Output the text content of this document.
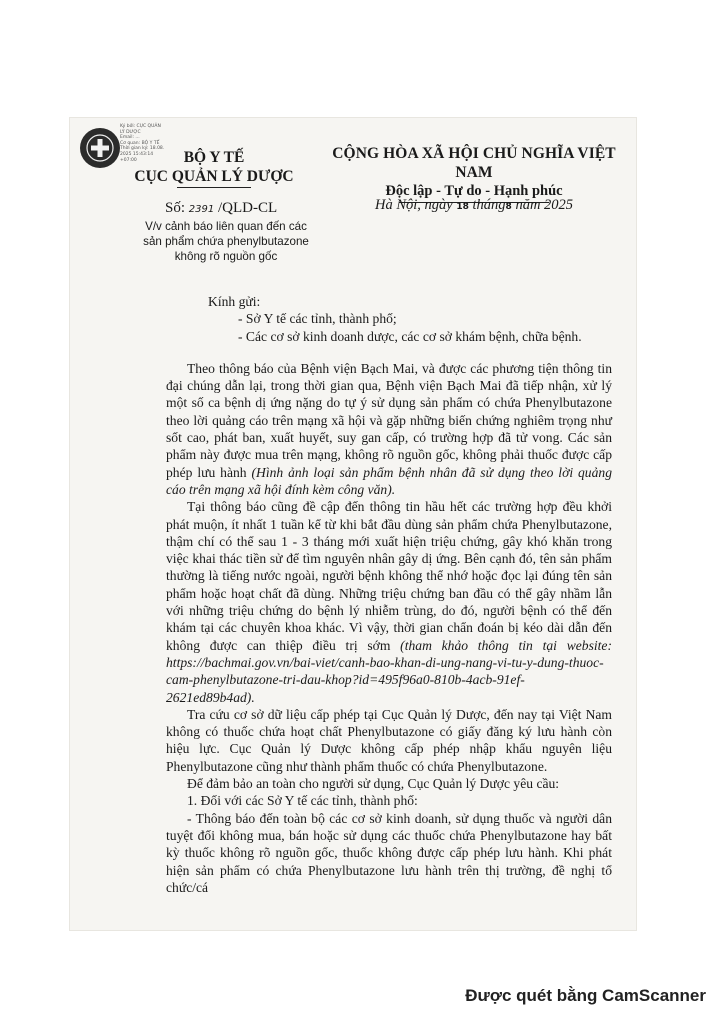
Ký bởi: CỤC QUẢN
LÝ DƯỢC
Email: ...
Cơ quan: BỘ Y TẾ
Thời gian ký: 18.08.
2025 15:43:14
+07:00	BỘ Y TẾ
CỤC QUẢN LÝ DƯỢC
CỘNG HÒA XÃ HỘI CHỦ NGHĨA VIỆT NAM
Độc lập - Tự do - Hạnh phúc
Số: 2391 /QLD-CL
V/v cảnh báo liên quan đến các sản phẩm chứa phenylbutazone không rõ nguồn gốc
Hà Nội, ngày 18 tháng8 năm 2025

Kính gửi:

- Sở Y tế các tỉnh, thành phố;

- Các cơ sở kinh doanh dược, các cơ sở khám bệnh, chữa bệnh.

Theo thông báo của Bệnh viện Bạch Mai, và được các phương tiện thông tin đại chúng dẫn lại, trong thời gian qua, Bệnh viện Bạch Mai đã tiếp nhận, xử lý một số ca bệnh dị ứng nặng do tự ý sử dụng sản phẩm có chứa Phenylbutazone theo lời quảng cáo trên mạng xã hội và gặp những biến chứng nghiêm trọng như sốt cao, phát ban, xuất huyết, suy gan cấp, có trường hợp đã tử vong. Các sản phẩm này được mua trên mạng, không rõ nguồn gốc, không phải thuốc được cấp phép lưu hành (Hình ảnh loại sản phẩm bệnh nhân đã sử dụng theo lời quảng cáo trên mạng xã hội đính kèm công văn).

Tại thông báo cũng đề cập đến thông tin hầu hết các trường hợp đều khởi phát muộn, ít nhất 1 tuần kể từ khi bắt đầu dùng sản phẩm chứa Phenylbutazone, thậm chí có thể sau 1 - 3 tháng mới xuất hiện triệu chứng, gây khó khăn trong việc khai thác tiền sử để tìm nguyên nhân gây dị ứng. Bên cạnh đó, tên sản phẩm thường là tiếng nước ngoài, người bệnh không thể nhớ hoặc đọc lại đúng tên sản phẩm hoặc hoạt chất đã dùng. Những triệu chứng ban đầu có thể gây nhầm lẫn với những triệu chứng do bệnh lý nhiễm trùng, do đó, người bệnh có thể đến khám tại các chuyên khoa khác. Vì vậy, thời gian chẩn đoán bị kéo dài dẫn đến không được can thiệp điều trị sớm (tham khảo thông tin tại website: https://bachmai.gov.vn/bai-viet/canh-bao-khan-di-ung-nang-vi-tu-y-dung-thuoc-cam-phenylbutazone-tri-dau-khop?id=495f96a0-810b-4acb-91ef-2621ed89b4ad).

Tra cứu cơ sở dữ liệu cấp phép tại Cục Quản lý Dược, đến nay tại Việt Nam không có thuốc chứa hoạt chất Phenylbutazone có giấy đăng ký lưu hành còn hiệu lực. Cục Quản lý Dược không cấp phép nhập khẩu nguyên liệu Phenylbutazone cũng như thành phẩm thuốc có chứa Phenylbutazone.

Để đảm bảo an toàn cho người sử dụng, Cục Quản lý Dược yêu cầu:

1. Đối với các Sở Y tế các tỉnh, thành phố:

- Thông báo đến toàn bộ các cơ sở kinh doanh, sử dụng thuốc và người dân tuyệt đối không mua, bán hoặc sử dụng các thuốc chứa Phenylbutazone hay bất kỳ thuốc không rõ nguồn gốc, thuốc không được cấp phép lưu hành. Khi phát hiện sản phẩm có chứa Phenylbutazone lưu hành trên thị trường, đề nghị tổ chức/cá

Được quét bằng CamScanner
